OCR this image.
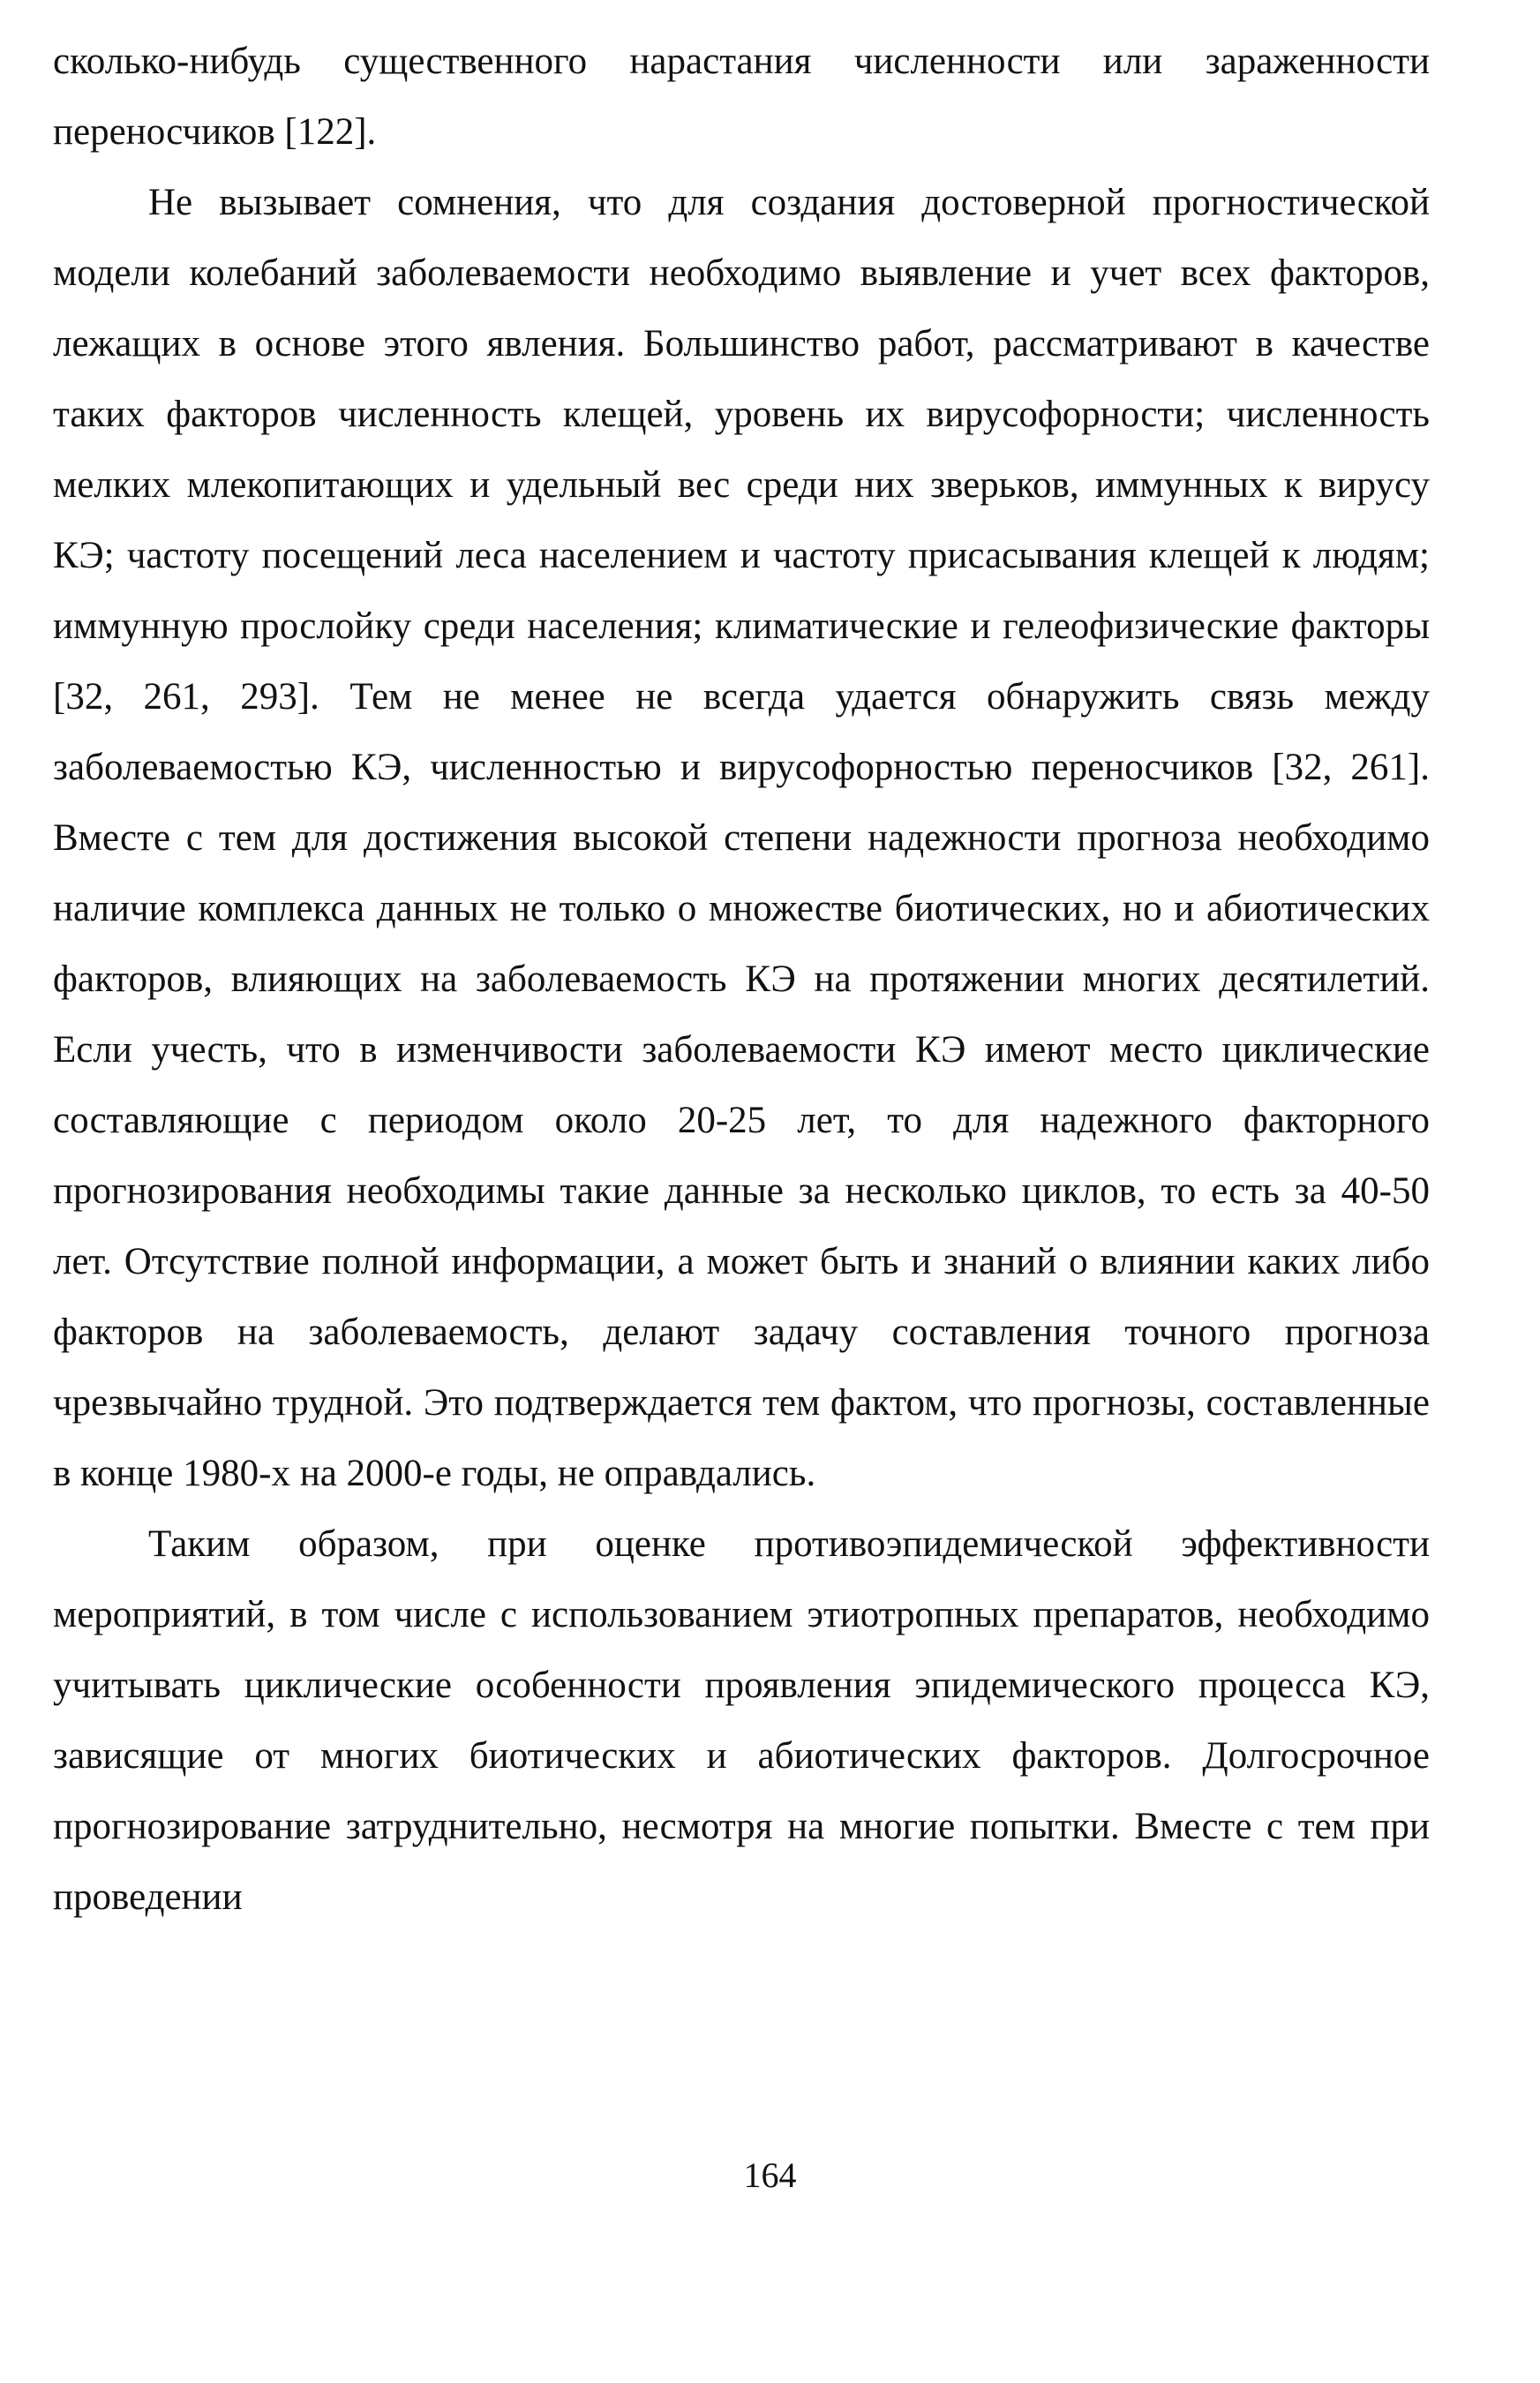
сколько-нибудь существенного нарастания численности или зараженности переносчиков [122].

Не вызывает сомнения, что для создания достоверной прогностической модели колебаний заболеваемости необходимо выявление и учет всех факторов, лежащих в основе этого явления. Большинство работ, рассматривают в качестве таких факторов численность клещей, уровень их вирусофорности; численность мелких млекопитающих и удельный вес среди них зверьков, иммунных к вирусу КЭ; частоту посещений леса населением и частоту присасывания клещей к людям; иммунную прослойку среди населения; климатические и гелеофизические факторы [32, 261, 293]. Тем не менее не всегда удается обнаружить связь между заболеваемостью КЭ, численностью и вирусофорностью переносчиков [32, 261]. Вместе с тем для достижения высокой степени надежности прогноза необходимо наличие комплекса данных не только о множестве биотических, но и абиотических факторов, влияющих на заболеваемость КЭ на протяжении многих десятилетий. Если учесть, что в изменчивости заболеваемости КЭ имеют место циклические составляющие с периодом около 20-25 лет, то для надежного факторного прогнозирования необходимы такие данные за несколько циклов, то есть за 40-50 лет. Отсутствие полной информации, а может быть и знаний о влиянии каких либо факторов на заболеваемость, делают задачу составления точного прогноза чрезвычайно трудной. Это подтверждается тем фактом, что прогнозы, составленные в конце 1980-х на 2000-е годы, не оправдались.

Таким образом, при оценке противоэпидемической эффективности мероприятий, в том числе с использованием этиотропных препаратов, необходимо учитывать циклические особенности проявления эпидемического процесса КЭ, зависящие от многих биотических и абиотических факторов. Долгосрочное прогнозирование затруднительно, несмотря на многие попытки. Вместе с тем при проведении

164
